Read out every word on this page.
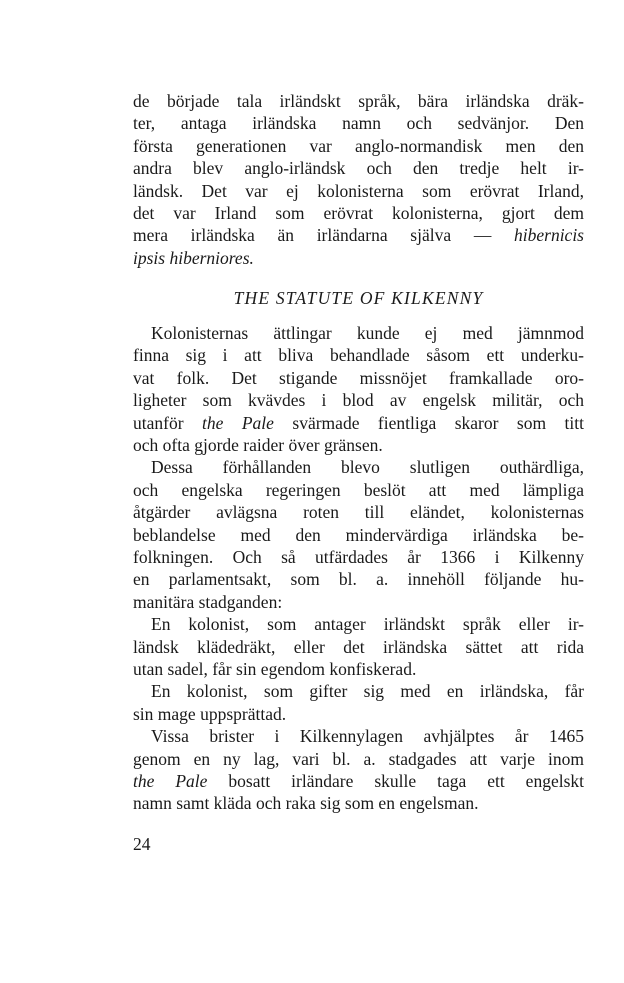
de började tala irländskt språk, bära irländska dräk-
ter, antaga irländska namn och sedvänjor. Den
första generationen var anglo-normandisk men den
andra blev anglo-irländsk och den tredje helt ir-
ländsk. Det var ej kolonisterna som erövrat Irland,
det var Irland som erövrat kolonisterna, gjort dem
mera irländska än irländarna själva — hibernicis
ipsis hiberniores.
THE STATUTE OF KILKENNY
Kolonisternas ättlingar kunde ej med jämnmod
finna sig i att bliva behandlade såsom ett underku-
vat folk. Det stigande missnöjet framkallade oro-
ligheter som kvävdes i blod av engelsk militär, och
utanför the Pale svärmade fientliga skaror som titt
och ofta gjorde raider över gränsen.
Dessa förhållanden blevo slutligen outhärdliga,
och engelska regeringen beslöt att med lämpliga
åtgärder avlägsna roten till eländet, kolonisternas
beblandelse med den mindervärdiga irländska be-
folkningen. Och så utfärdades år 1366 i Kilkenny
en parlamentsakt, som bl. a. innehöll följande hu-
manitära stadganden:
En kolonist, som antager irländskt språk eller ir-
ländsk klädedräkt, eller det irländska sättet att rida
utan sadel, får sin egendom konfiskerad.
En kolonist, som gifter sig med en irländska, får
sin mage uppsprättad.
Vissa brister i Kilkennylagen avhjälptes år 1465
genom en ny lag, vari bl. a. stadgades att varje inom
the Pale bosatt irländare skulle taga ett engelskt
namn samt kläda och raka sig som en engelsman.
24
